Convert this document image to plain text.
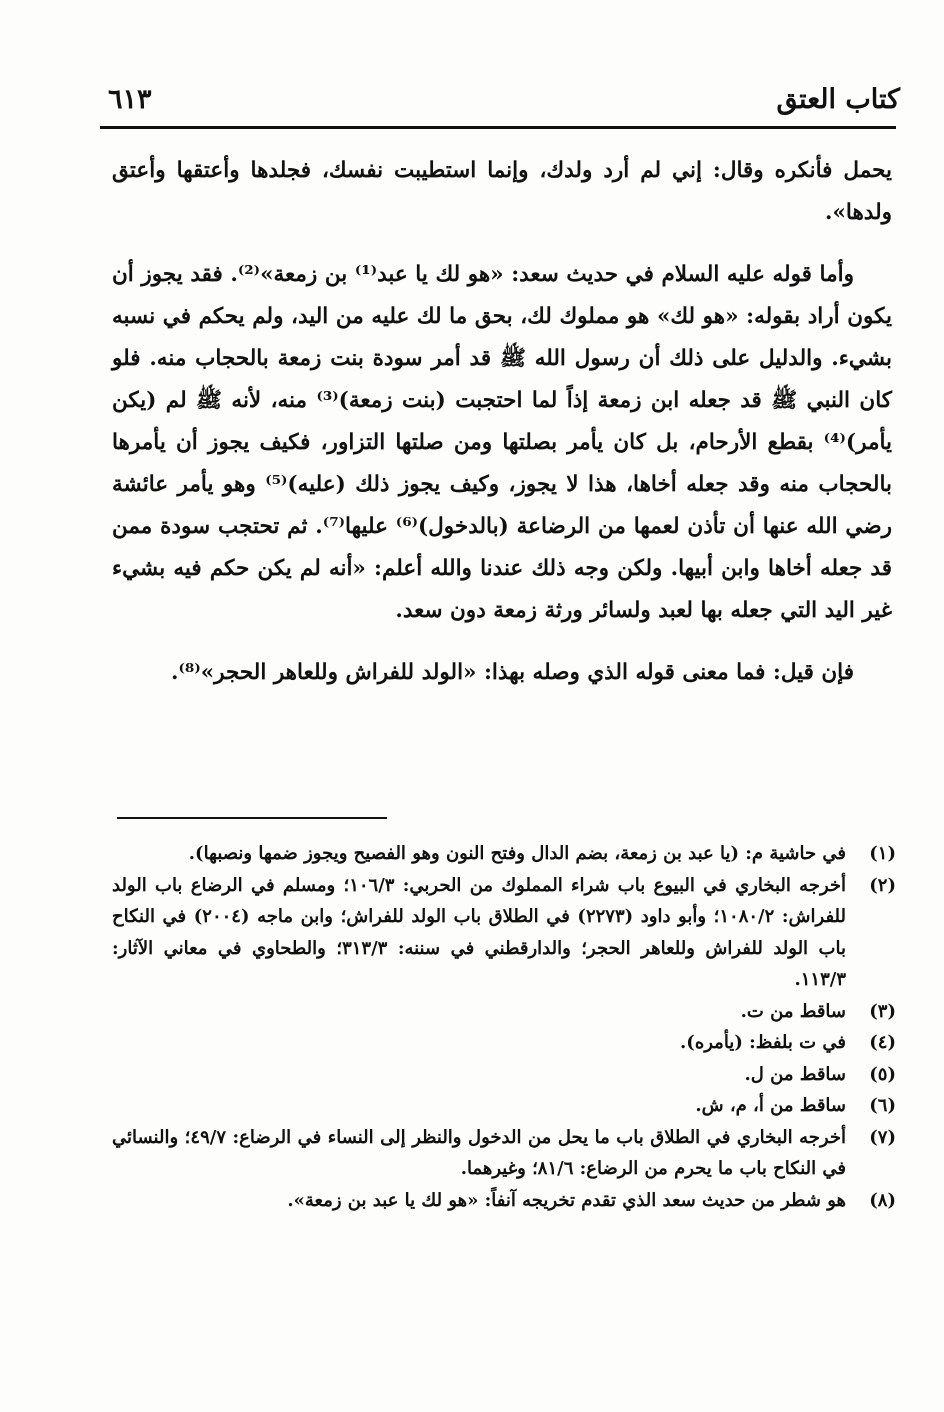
كتاب العتق
٦١٣

يحمل فأنكره وقال: إني لم أرد ولدك، وإنما استطيبت نفسك، فجلدها وأعتقها وأعتق ولدها».

وأما قوله عليه السلام في حديث سعد: «هو لك يا عبد⁽¹⁾ بن زمعة»⁽²⁾. فقد يجوز أن يكون أراد بقوله: «هو لك» هو مملوك لك، بحق ما لك عليه من اليد، ولم يحكم في نسبه بشيء. والدليل على ذلك أن رسول الله ﷺ قد أمر سودة بنت زمعة بالحجاب منه. فلو كان النبي ﷺ قد جعله ابن زمعة إذاً لما احتجبت (بنت زمعة)⁽³⁾ منه، لأنه ﷺ لم (يكن يأمر)⁽⁴⁾ بقطع الأرحام، بل كان يأمر بصلتها ومن صلتها التزاور، فكيف يجوز أن يأمرها بالحجاب منه وقد جعله أخاها، هذا لا يجوز، وكيف يجوز ذلك (عليه)⁽⁵⁾ وهو يأمر عائشة رضي الله عنها أن تأذن لعمها من الرضاعة (بالدخول)⁽⁶⁾ عليها⁽⁷⁾. ثم تحتجب سودة ممن قد جعله أخاها وابن أبيها. ولكن وجه ذلك عندنا والله أعلم: «أنه لم يكن حكم فيه بشيء غير اليد التي جعله بها لعبد ولسائر ورثة زمعة دون سعد.

فإن قيل: فما معنى قوله الذي وصله بهذا: «الولد للفراش وللعاهر الحجر»⁽⁸⁾.

(١)
في حاشية م: (يا عبد بن زمعة، بضم الدال وفتح النون وهو الفصيح ويجوز ضمها ونصبها).
(٢)
أخرجه البخاري في البيوع باب شراء المملوك من الحربي: ١٠٦/٣؛ ومسلم في الرضاع باب الولد للفراش: ١٠٨٠/٢؛ وأبو داود (٢٢٧٣) في الطلاق باب الولد للفراش؛ وابن ماجه (٢٠٠٤) في النكاح باب الولد للفراش وللعاهر الحجر؛ والدارقطني في سننه: ٣١٣/٣؛ والطحاوي في معاني الآثار: ١١٣/٣.
(٣)
ساقط من ت.
(٤)
في ت بلفظ: (يأمره).
(٥)
ساقط من ل.
(٦)
ساقط من أ، م، ش.
(٧)
أخرجه البخاري في الطلاق باب ما يحل من الدخول والنظر إلى النساء في الرضاع: ٤٩/٧؛ والنسائي في النكاح باب ما يحرم من الرضاع: ٨١/٦؛ وغيرهما.
(٨)
هو شطر من حديث سعد الذي تقدم تخريجه آنفاً: «هو لك يا عبد بن زمعة».
